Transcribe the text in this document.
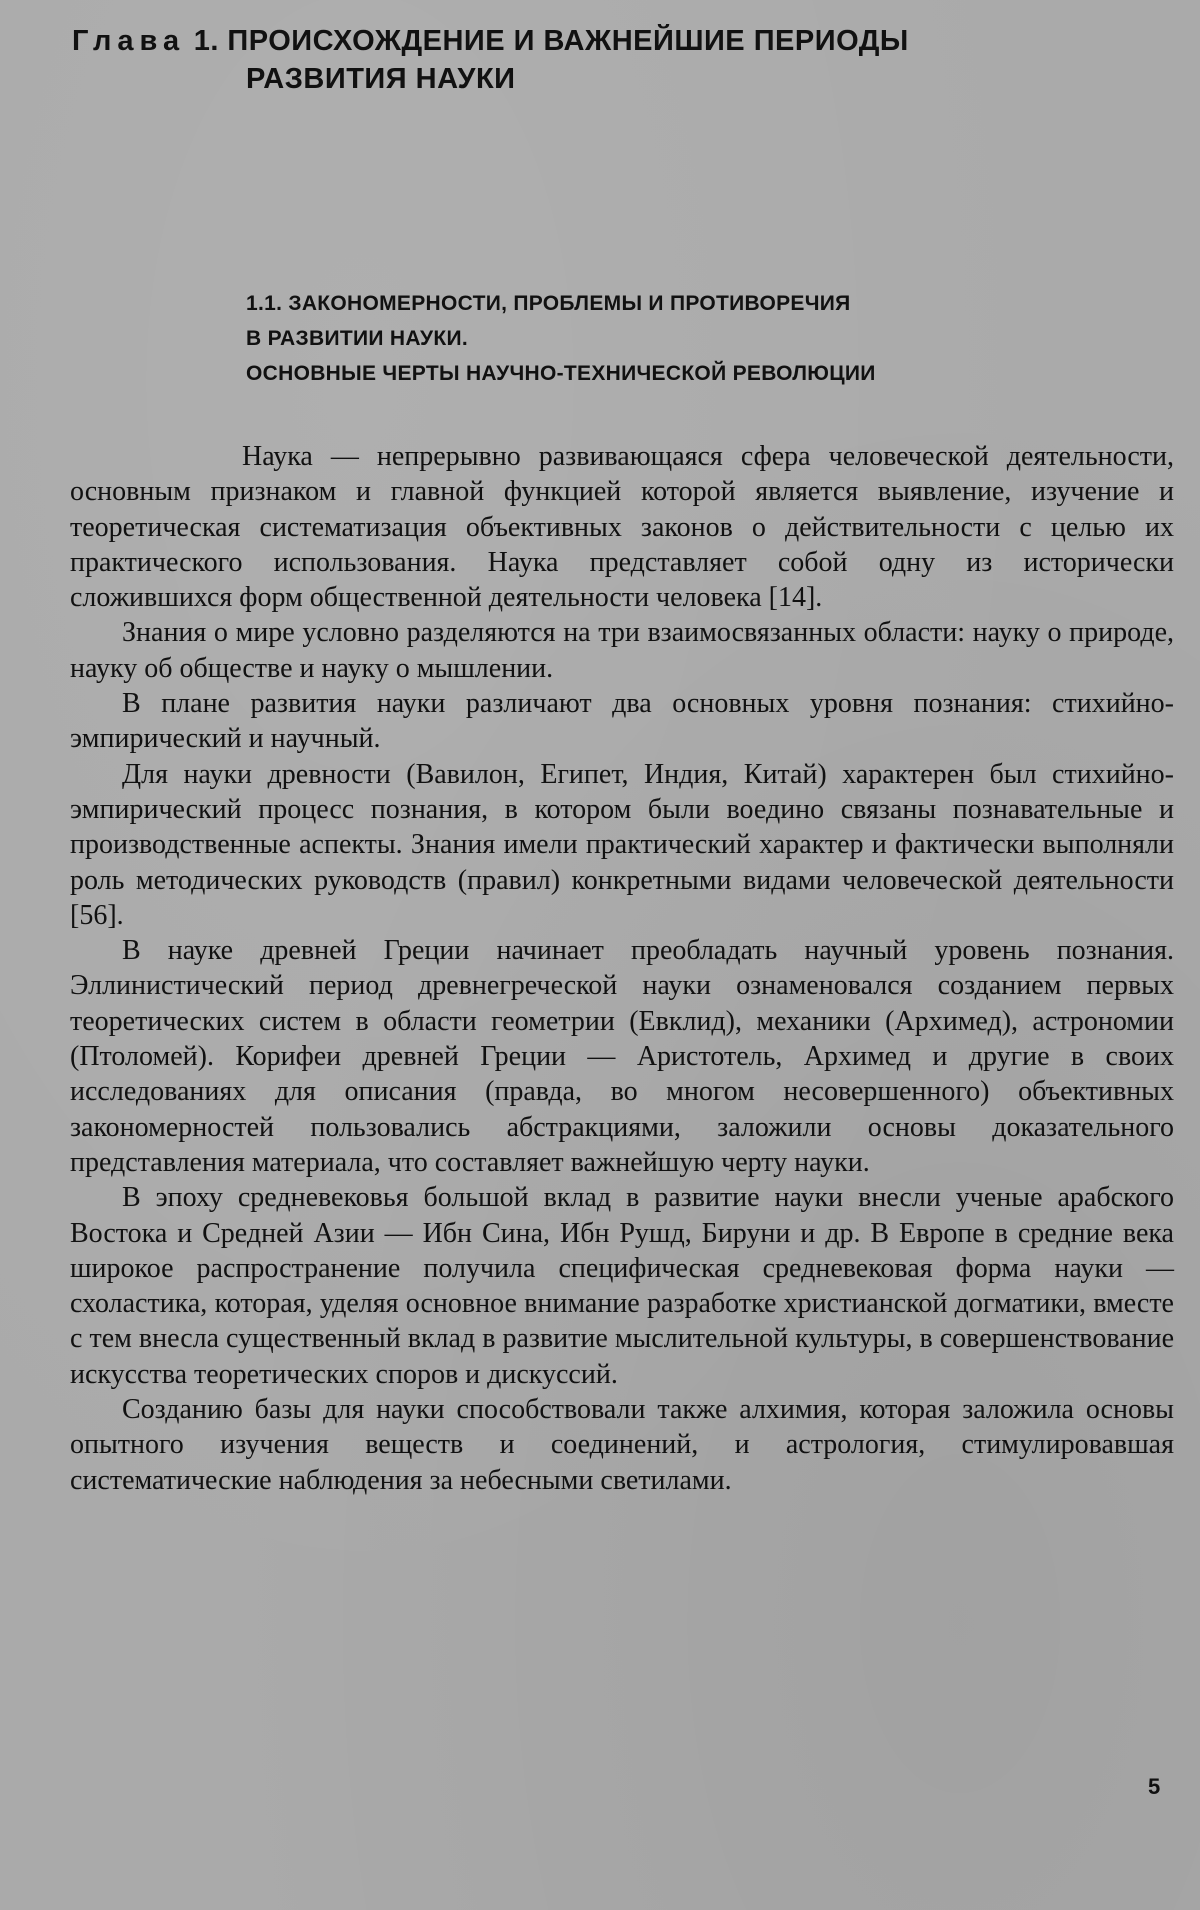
Глава 1. ПРОИСХОЖДЕНИЕ И ВАЖНЕЙШИЕ ПЕРИОДЫ
РАЗВИТИЯ НАУКИ
1.1. ЗАКОНОМЕРНОСТИ, ПРОБЛЕМЫ И ПРОТИВОРЕЧИЯ
В РАЗВИТИИ НАУКИ.
ОСНОВНЫЕ ЧЕРТЫ НАУЧНО-ТЕХНИЧЕСКОЙ РЕВОЛЮЦИИ

Наука — непрерывно развивающаяся сфера человеческой деятельности, основным признаком и главной функцией которой является выявление, изучение и теоретическая систематизация объективных законов о действительности с целью их практического использования. Наука представляет собой одну из исторически сложившихся форм общественной деятельности человека [14].

Знания о мире условно разделяются на три взаимосвязанных области: науку о природе, науку об обществе и науку о мышлении.

В плане развития науки различают два основных уровня познания: стихийно-эмпирический и научный.

Для науки древности (Вавилон, Египет, Индия, Китай) характерен был стихийно-эмпирический процесс познания, в котором были воедино связаны познавательные и производственные аспекты. Знания имели практический характер и фактически выполняли роль методических руководств (правил) конкретными видами человеческой деятельности [56].

В науке древней Греции начинает преобладать научный уровень познания. Эллинистический период древнегреческой науки ознаменовался созданием первых теоретических систем в области геометрии (Евклид), механики (Архимед), астрономии (Птоломей). Корифеи древней Греции — Аристотель, Архимед и другие в своих исследованиях для описания (правда, во многом несовершенного) объективных закономерностей пользовались абстракциями, заложили основы доказательного представления материала, что составляет важнейшую черту науки.

В эпоху средневековья большой вклад в развитие науки внесли ученые арабского Востока и Средней Азии — Ибн Сина, Ибн Рушд, Бируни и др. В Европе в средние века широкое распространение получила специфическая средневековая форма науки — схоластика, которая, уделяя основное внимание разработке христианской догматики, вместе с тем внесла существенный вклад в развитие мыслительной культуры, в совершенствование искусства теоретических споров и дискуссий.

Созданию базы для науки способствовали также алхимия, которая заложила основы опытного изучения веществ и соединений, и астрология, стимулировавшая систематические наблюдения за небесными светилами.

5
